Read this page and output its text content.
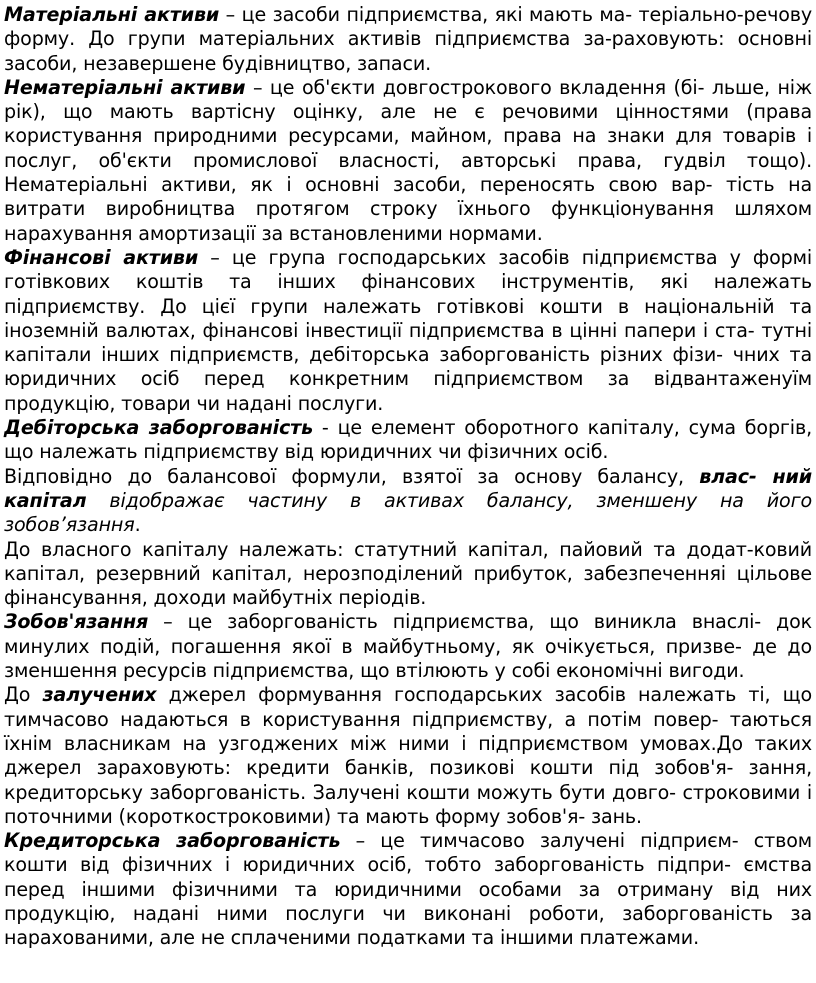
Матеріальні активи – це засоби підприємства, які мають ма- теріально-речову форму. До групи матеріальних активів підприємства за-раховують: основні засоби, незавершене будівництво, запаси.

Нематеріальні активи – це об'єкти довгострокового вкладення (бі- льше, ніж рік), що мають вартісну оцінку, але не є речовими цінностями (права користування природними ресурсами, майном, права на знаки для товарів і послуг, об'єкти промислової власності, авторські права, гудвіл тощо). Нематеріальні активи, як і основні засоби, переносять свою вар- тість на витрати виробництва протягом строку їхнього функціонування шляхом нарахування амортизації за встановленими нормами.

Фінансові активи – це група господарських засобів підприємства у формі готівкових коштів та інших фінансових інструментів, які належать підприємству. До цієї групи належать готівкові кошти в національній та іноземній валютах, фінансові інвестиції підприємства в цінні папери і ста- тутні капітали інших підприємств, дебіторська заборгованість різних фізи- чних та юридичних осіб перед конкретним підприємством за відвантаженуїм продукцію, товари чи надані послуги.

Дебіторська заборгованість - це елемент оборотного капіталу, сума боргів, що належать підприємству від юридичних чи фізичних осіб.

Відповідно до балансової формули, взятої за основу балансу, влас- ний капітал відображає частину в активах балансу, зменшену на його зобов’язання.

До власного капіталу належать: статутний капітал, пайовий та додат-ковий капітал, резервний капітал, нерозподілений прибуток, забезпеченняі цільове фінансування, доходи майбутніх періодів.

Зобов'язання – це заборгованість підприємства, що виникла внаслі- док минулих подій, погашення якої в майбутньому, як очікується, призве- де до зменшення ресурсів підприємства, що втілюють у собі економічні вигоди.

До залучених джерел формування господарських засобів належать ті, що тимчасово надаються в користування підприємству, а потім повер- таються їхнім власникам на узгоджених між ними і підприємством умовах.До таких джерел зараховують: кредити банків, позикові кошти під зобов'я- зання, кредиторську заборгованість. Залучені кошти можуть бути довго- строковими і поточними (короткостроковими) та мають форму зобов'я- зань.

Кредиторська заборгованість – це тимчасово залучені підприєм- ством кошти від фізичних і юридичних осіб, тобто заборгованість підпри- ємства перед іншими фізичними та юридичними особами за отриману від них продукцію, надані ними послуги чи виконані роботи, заборгованість за нарахованими, але не сплаченими податками та іншими платежами.
